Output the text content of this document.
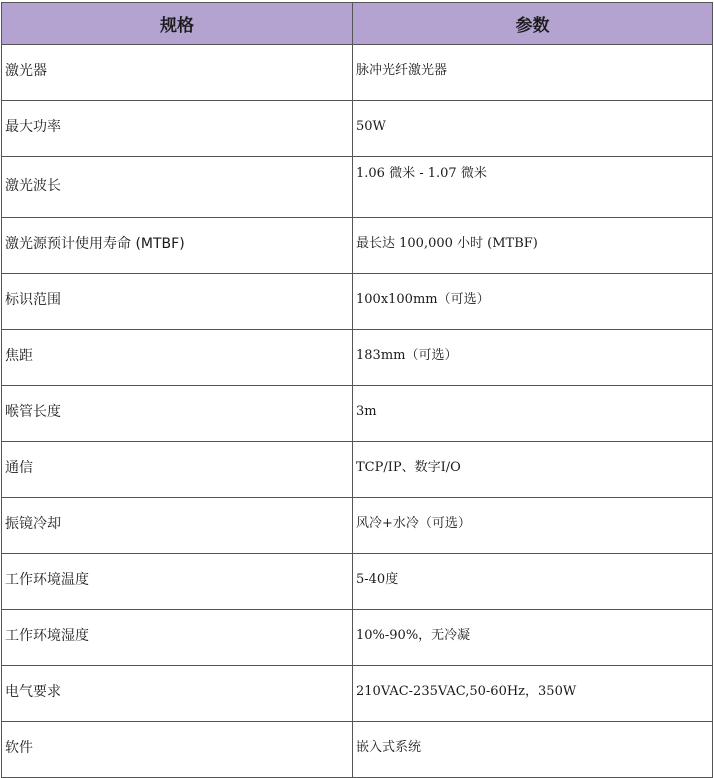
规格	参数
激光器	脉冲光纤激光器
最大功率	50W
激光波长	1.06 微米 - 1.07 微米
激光源预计使用寿命 (MTBF)	最长达 100,000 小时 (MTBF)
标识范围	100x100mm（可选）
焦距	183mm（可选）
喉管长度	3m
通信	TCP/IP、数字I/O
振镜冷却	风冷+水冷（可选）
工作环境温度	5-40度
工作环境湿度	10%-90%，无冷凝
电气要求	210VAC-235VAC,50-60Hz，350W
软件	嵌入式系统
